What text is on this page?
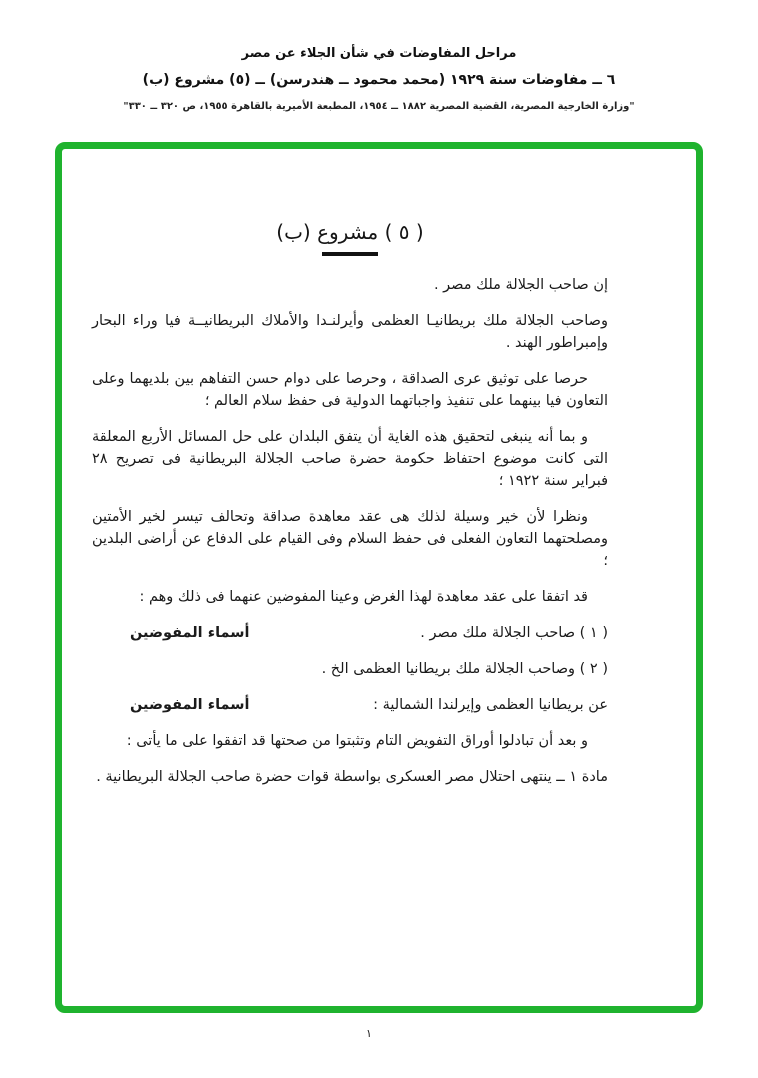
مراحل المفاوضات في شأن الجلاء عن مصر
٦ ــ مفاوضات سنة ١٩٢٩ (محمد محمود ــ هندرسن) ــ (٥) مشروع (ب)
"وزارة الخارجية المصرية، القضية المصرية ١٨٨٢ ــ ١٩٥٤، المطبعة الأميرية بالقاهرة ١٩٥٥، ص ٣٢٠ ــ ٣٣٠"
( ٥ ) مشروع (ب)

إن صاحب الجلالة ملك مصر .

وصاحب الجلالة ملك بريطانيـا العظمى وأيرلنـدا والأملاك البريطانيــة فيا وراء البحار وإمبراطور الهند .

حرصا على توثيق عرى الصداقة ، وحرصا على دوام حسن التفاهم بين بلديهما وعلى التعاون فيا بينهما على تنفيذ واجباتهما الدولية فى حفظ سلام العالم ؛

و بما أنه ينبغى لتحقيق هذه الغاية أن يتفق البلدان على حل المسائل الأربع المعلقة التى كانت موضوع احتفاظ حكومة حضرة صاحب الجلالة البريطانية فى تصريح ٢٨ فبراير سنة ١٩٢٢ ؛

ونظرا لأن خير وسيلة لذلك هى عقد معاهدة صداقة وتحالف تيسر لخير الأمتين ومصلحتهما التعاون الفعلى فى حفظ السلام وفى القيام على الدفاع عن أراضى البلدين ؛

قد اتفقا على عقد معاهدة لهذا الغرض وعينا المفوضين عنهما فى ذلك وهم :

( ١ ) صاحب الجلالة ملك مصر .
أسماء المفوضين

( ٢ ) وصاحب الجلالة ملك بريطانيا العظمى الخ .

عن بريطانيا العظمى وإيرلندا الشمالية :
أسماء المفوضين

و بعد أن تبادلوا أوراق التفويض التام وتثبتوا من صحتها قد اتفقوا على ما يأتى :

مادة ١ ــ ينتهى احتلال مصر العسكرى بواسطة قوات حضرة صاحب الجلالة البريطانية .

١
